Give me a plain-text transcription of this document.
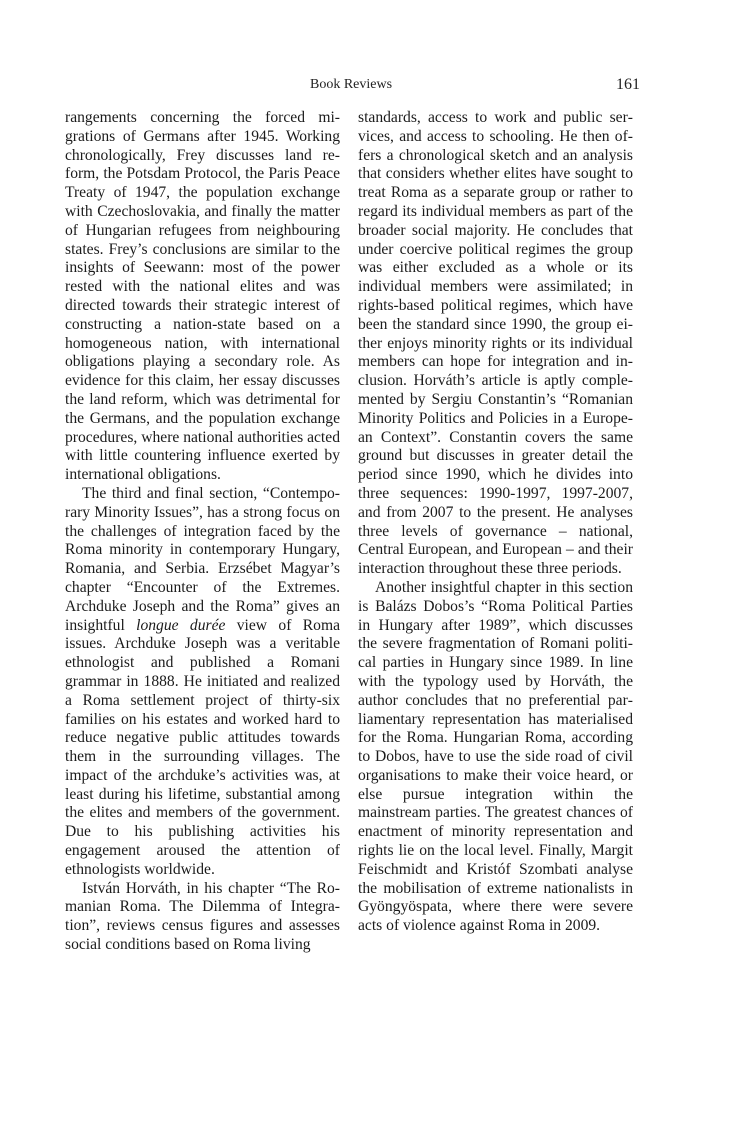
Book Reviews	161

rangements concerning the forced migrations of Germans after 1945. Working chronologically, Frey discusses land reform, the Potsdam Protocol, the Paris Peace Treaty of 1947, the population exchange with Czechoslovakia, and finally the matter of Hungarian refugees from neighbouring states. Frey’s conclusions are similar to the insights of Seewann: most of the power rested with the national elites and was directed towards their strategic interest of constructing a nation-state based on a homogeneous nation, with international obligations playing a secondary role. As evidence for this claim, her essay discusses the land reform, which was detrimental for the Germans, and the population exchange procedures, where national authorities acted with little countering influence exerted by international obligations.

The third and final section, “Contemporary Minority Issues”, has a strong focus on the challenges of integration faced by the Roma minority in contemporary Hungary, Romania, and Serbia. Erzsébet Magyar’s chapter “Encounter of the Extremes. Archduke Joseph and the Roma” gives an insightful longue durée view of Roma issues. Archduke Joseph was a veritable ethnologist and published a Romani grammar in 1888. He initiated and realized a Roma settlement project of thirty-six families on his estates and worked hard to reduce negative public attitudes towards them in the surrounding villages. The impact of the archduke’s activities was, at least during his lifetime, substantial among the elites and members of the government. Due to his publishing activities his engagement aroused the attention of ethnologists worldwide.

István Horváth, in his chapter “The Romanian Roma. The Dilemma of Integration”, reviews census figures and assesses social conditions based on Roma living

standards, access to work and public services, and access to schooling. He then offers a chronological sketch and an analysis that considers whether elites have sought to treat Roma as a separate group or rather to regard its individual members as part of the broader social majority. He concludes that under coercive political regimes the group was either excluded as a whole or its individual members were assimilated; in rights-based political regimes, which have been the standard since 1990, the group either enjoys minority rights or its individual members can hope for integration and inclusion. Horváth’s article is aptly complemented by Sergiu Constantin’s “Romanian Minority Politics and Policies in a European Context”. Constantin covers the same ground but discusses in greater detail the period since 1990, which he divides into three sequences: 1990-1997, 1997-2007, and from 2007 to the present. He analyses three levels of governance – national, Central European, and European – and their interaction throughout these three periods.

Another insightful chapter in this section is Balázs Dobos’s “Roma Political Parties in Hungary after 1989”, which discusses the severe fragmentation of Romani political parties in Hungary since 1989. In line with the typology used by Horváth, the author concludes that no preferential parliamentary representation has materialised for the Roma. Hungarian Roma, according to Dobos, have to use the side road of civil organisations to make their voice heard, or else pursue integration within the mainstream parties. The greatest chances of enactment of minority representation and rights lie on the local level. Finally, Margit Feischmidt and Kristóf Szombati analyse the mobilisation of extreme nationalists in Gyöngyöspata, where there were severe acts of violence against Roma in 2009.
